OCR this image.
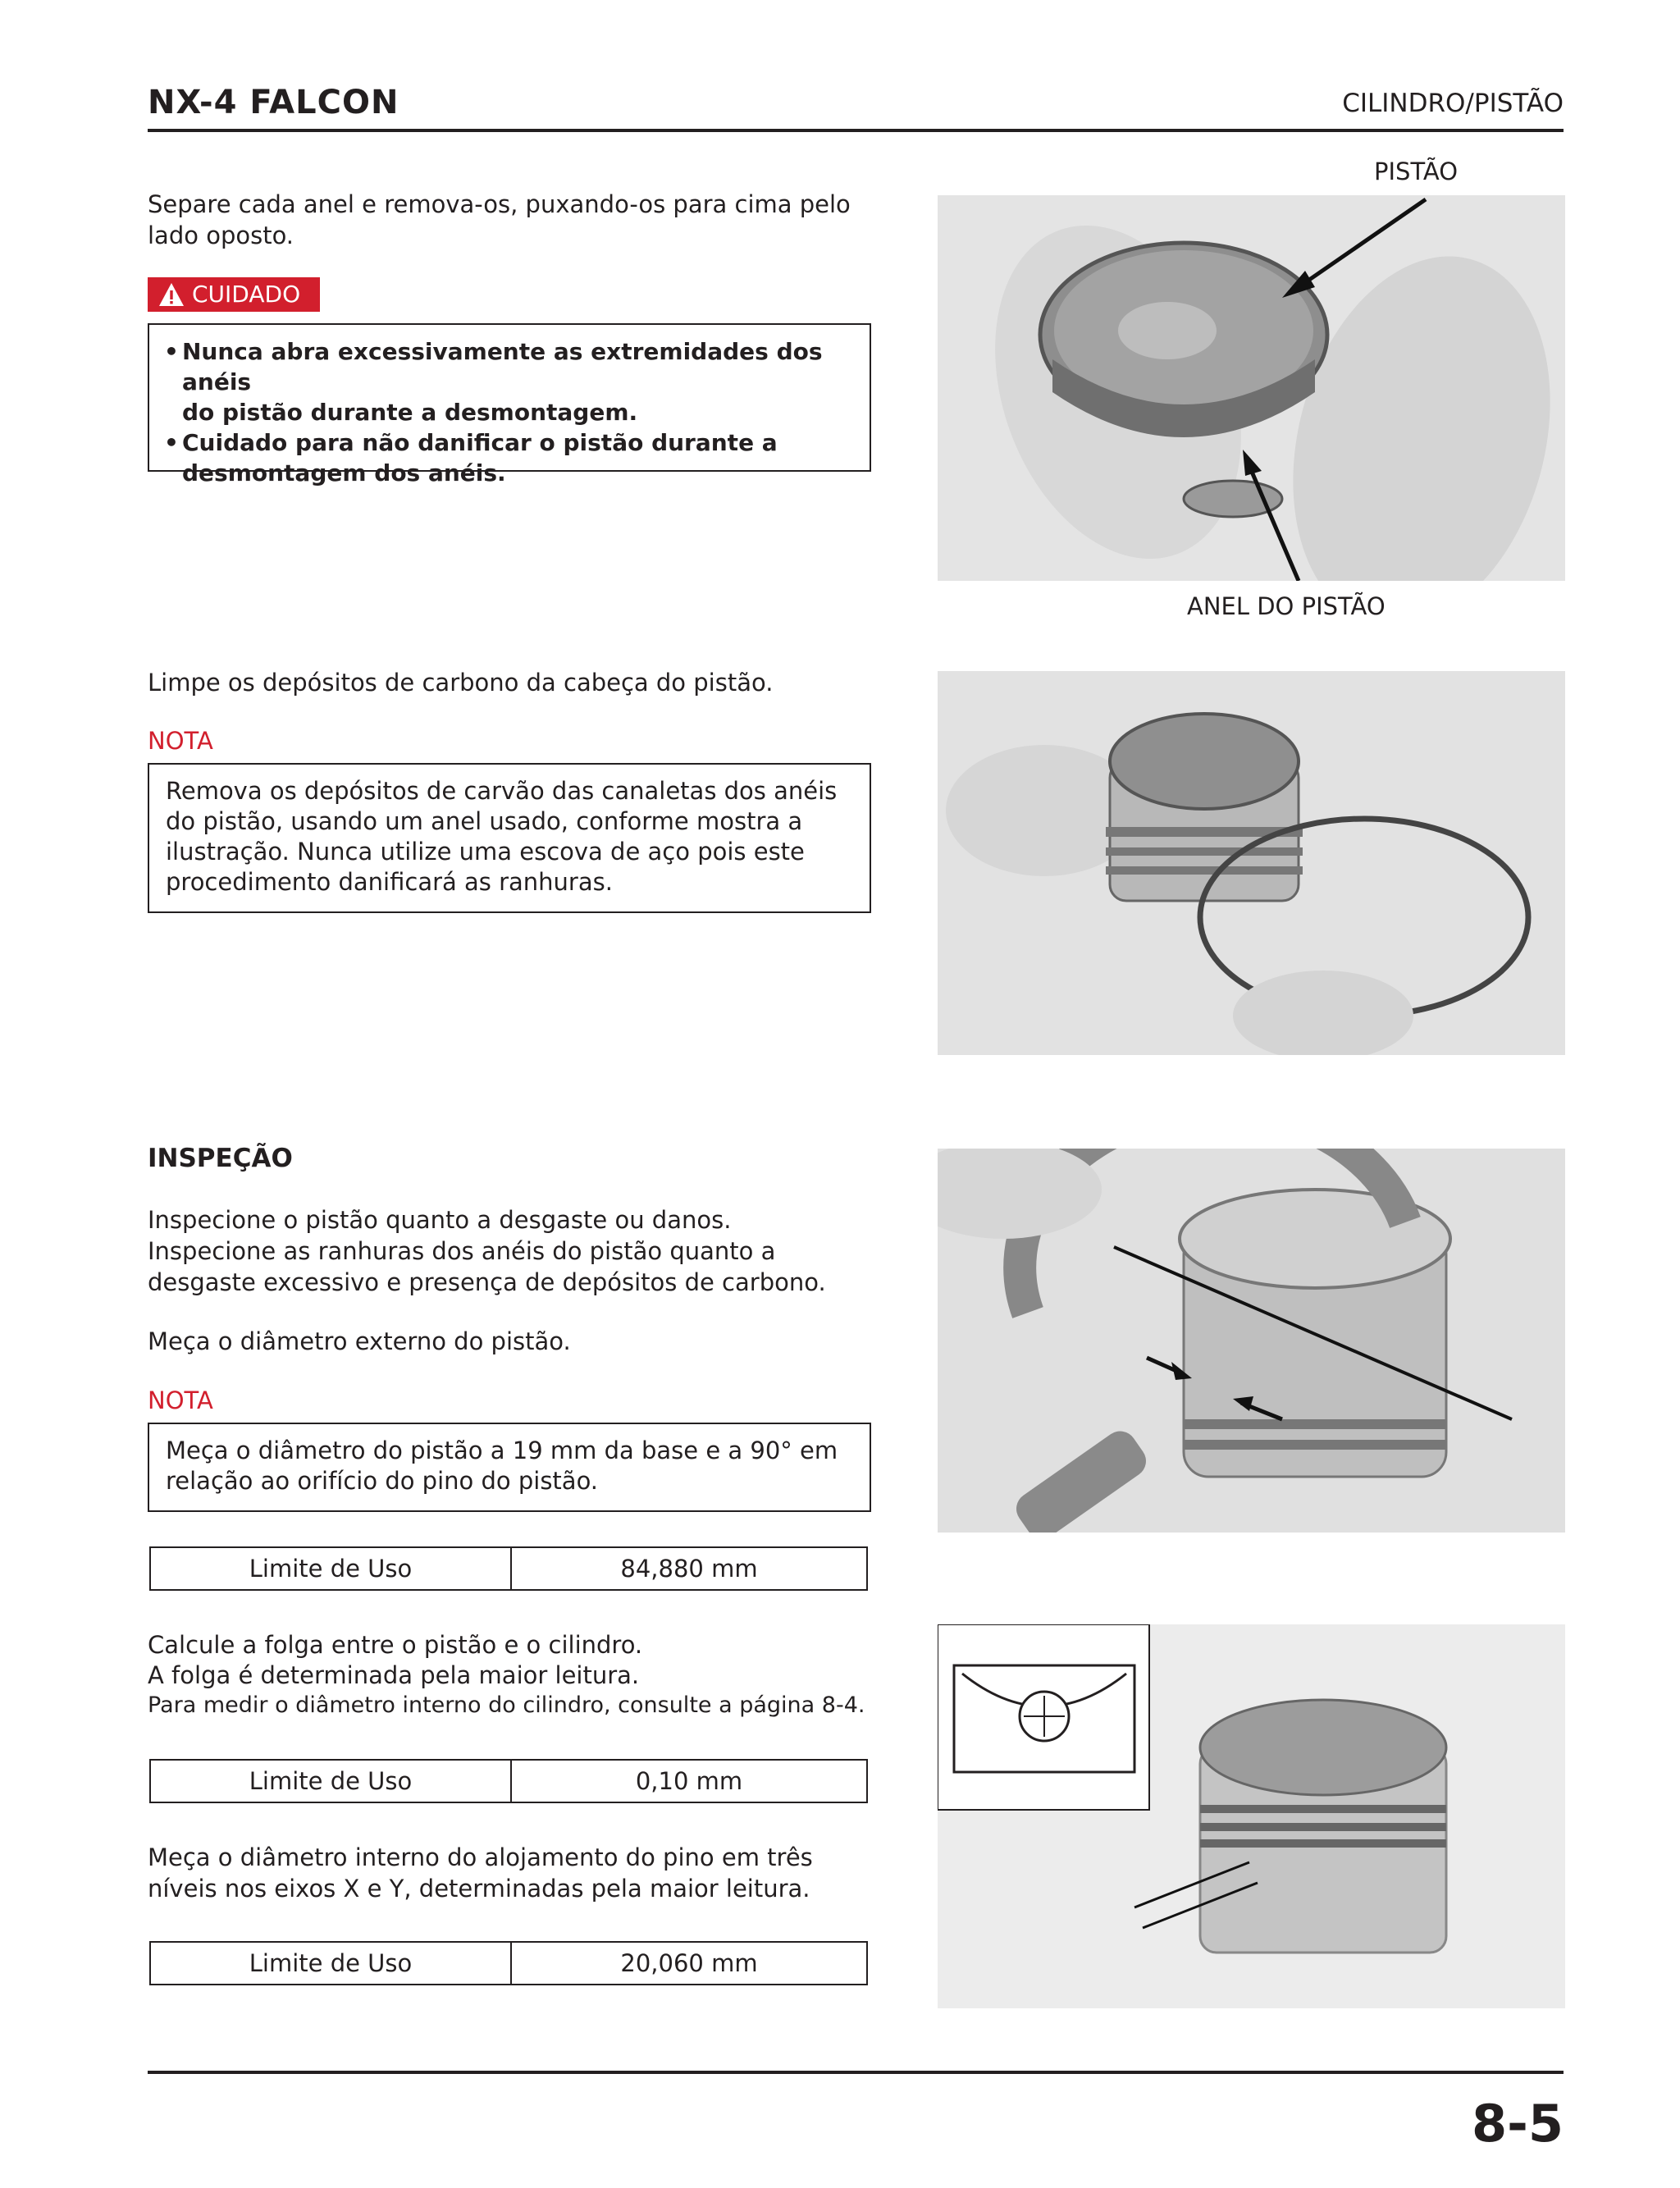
NX-4 FALCON	CILINDRO/PISTÃO
Separe cada anel e remova-os, puxando-os para cima pelo
lado oposto.
CUIDADO
• Nunca abra excessivamente as extremidades dos anéis
do pistão durante a desmontagem.
• Cuidado para não danificar o pistão durante a
desmontagem dos anéis.
PISTÃO
ANEL DO PISTÃO
Limpe os depósitos de carbono da cabeça do pistão.
NOTA
Remova os depósitos de carvão das canaletas dos anéis
do pistão, usando um anel usado, conforme mostra a
ilustração. Nunca utilize uma escova de aço pois este
procedimento danificará as ranhuras.
INSPEÇÃO
Inspecione o pistão quanto a desgaste ou danos.
Inspecione as ranhuras dos anéis do pistão quanto a
desgaste excessivo e presença de depósitos de carbono.
Meça o diâmetro externo do pistão.
NOTA
Meça o diâmetro do pistão a 19 mm da base e a 90° em
relação ao orifício do pino do pistão.
Limite de Uso	84,880 mm
Calcule a folga entre o pistão e o cilindro.
A folga é determinada pela maior leitura.
Para medir o diâmetro interno do cilindro, consulte a página 8-4.
Limite de Uso	0,10 mm
Meça o diâmetro interno do alojamento do pino em três
níveis nos eixos X e Y, determinadas pela maior leitura.
Limite de Uso	20,060 mm
8-5
